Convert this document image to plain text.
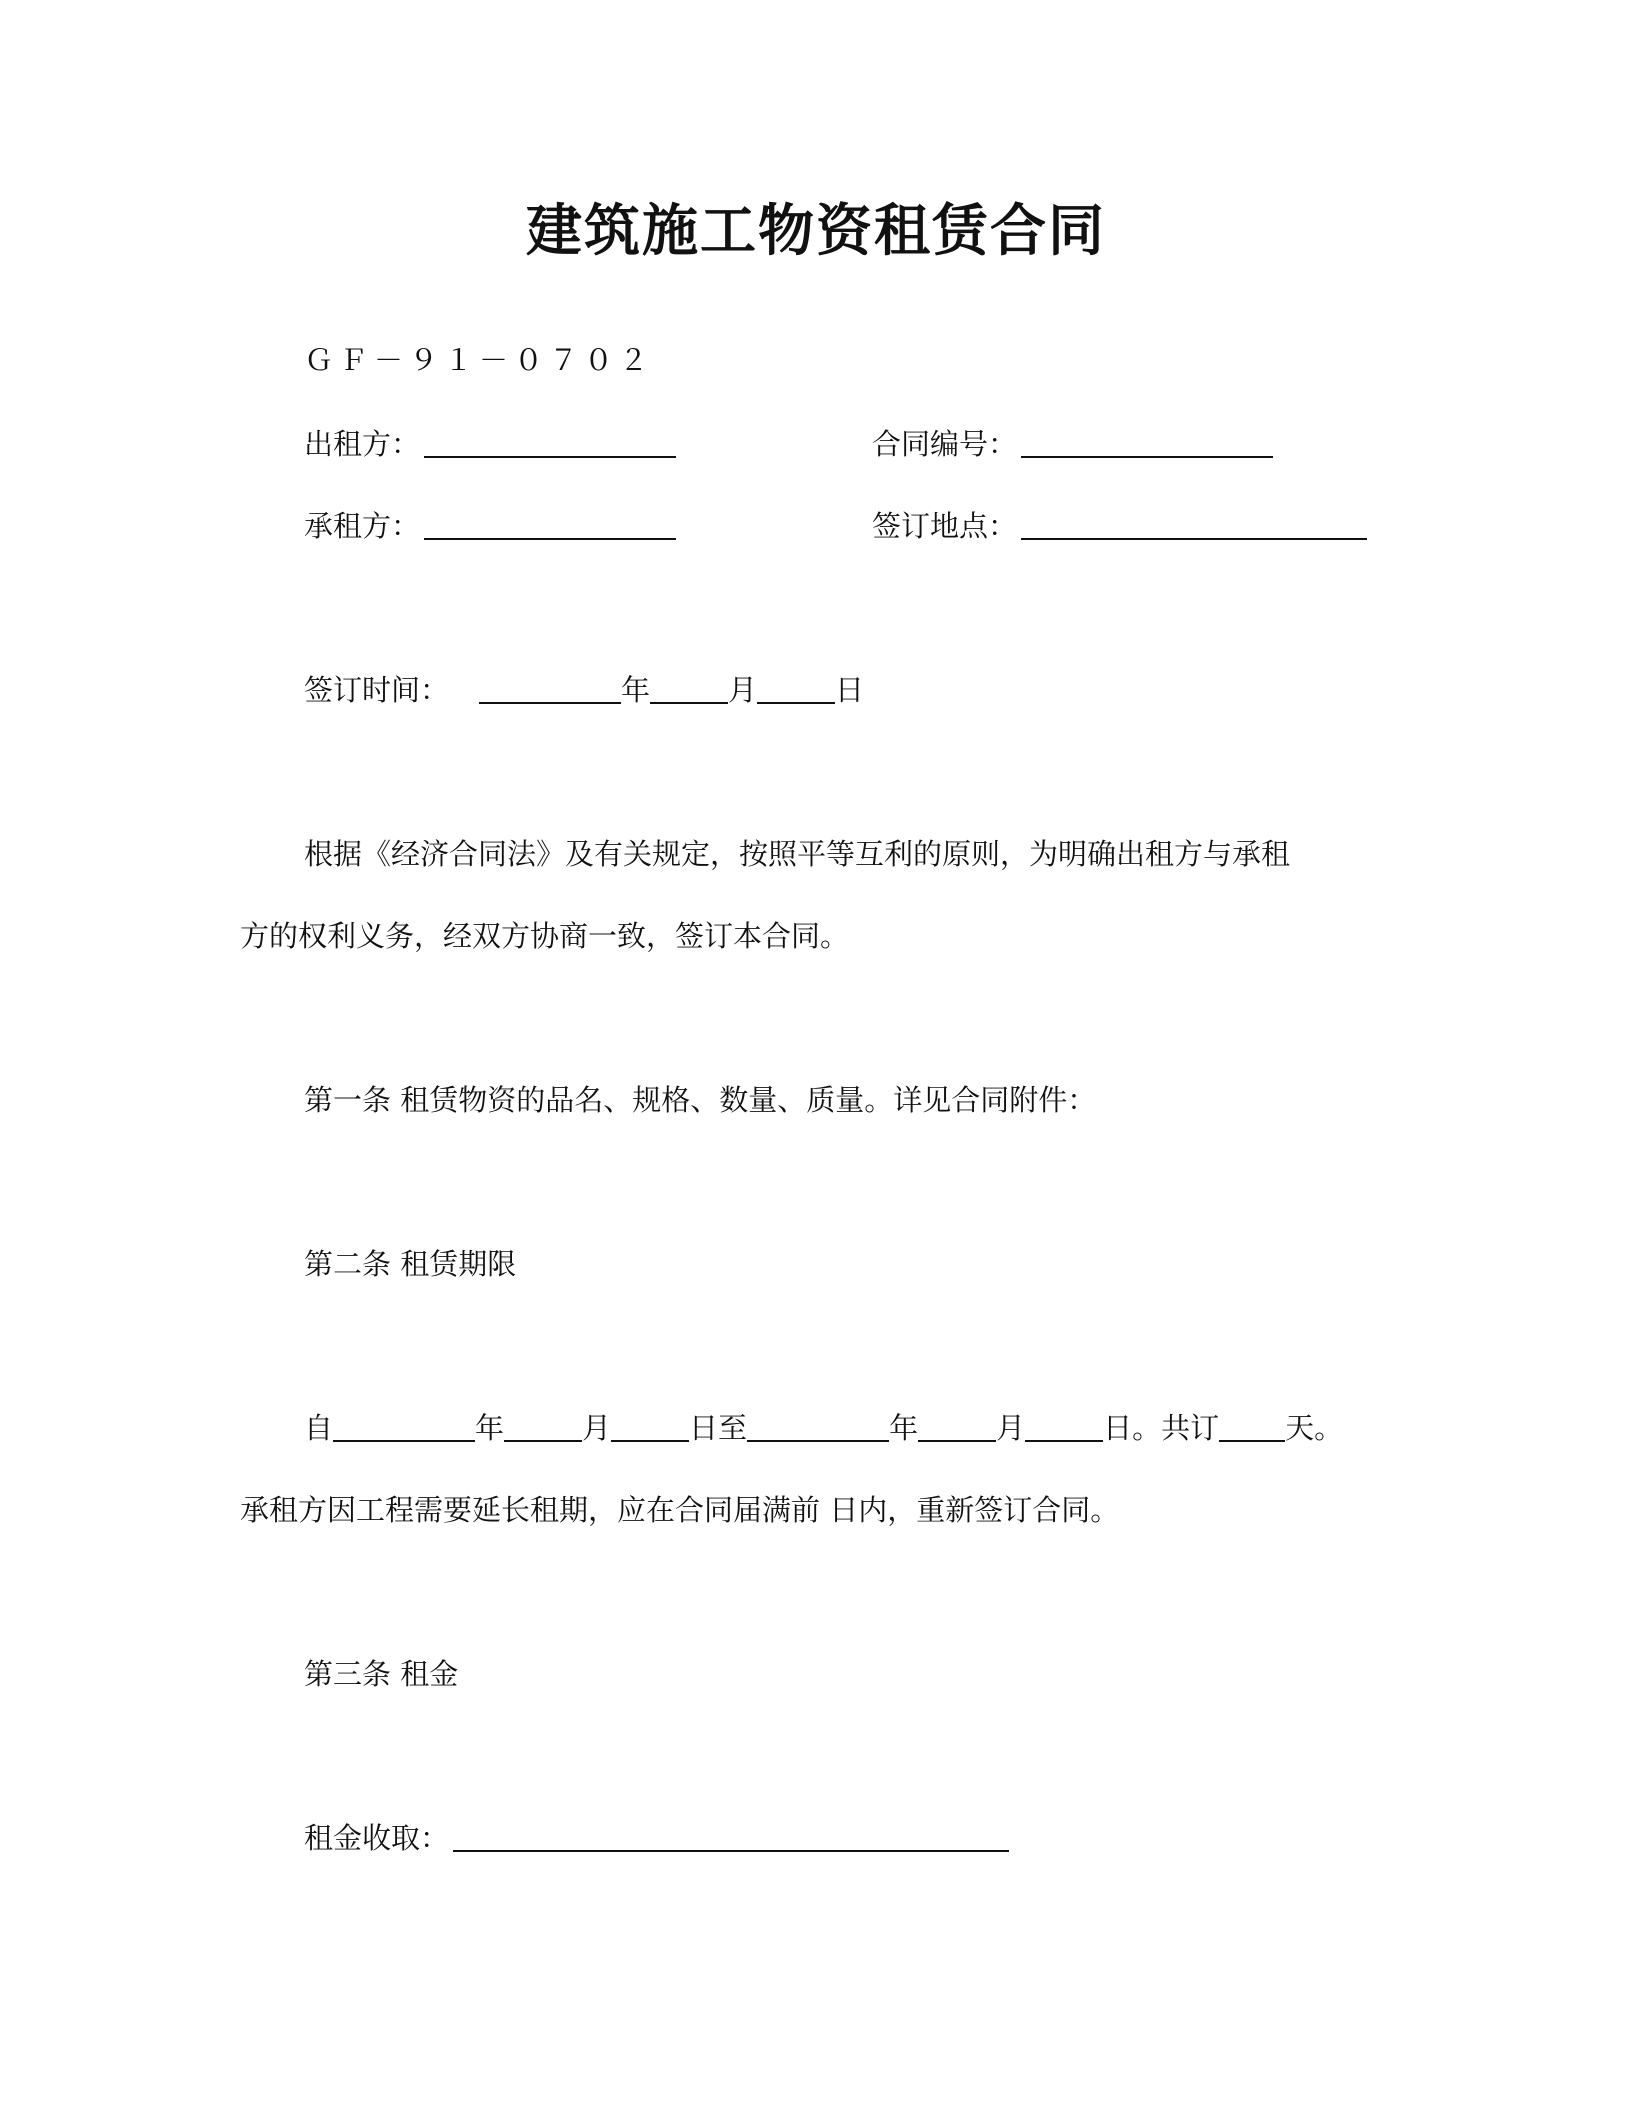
建筑施工物资租赁合同
ＧＦ－９１－０７０２
出租方：	合同编号：
承租方：	签订地点：
签订时间：	年	月	日
根据《经济合同法》及有关规定，按照平等互利的原则，为明确出租方与承租
方的权利义务，经双方协商一致，签订本合同。
第一条 租赁物资的品名、规格、数量、质量。详见合同附件：
第二条 租赁期限
自	年	月	日至	年	月	日。共订 天。
承租方因工程需要延长租期，应在合同届满前 日内，重新签订合同。
第三条 租金
租金收取：
